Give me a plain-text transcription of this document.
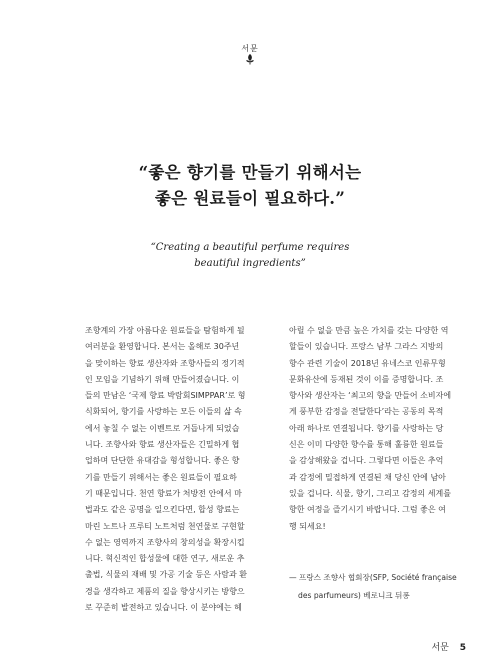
서문
“좋은 향기를 만들기 위해서는
좋은 원료들이 필요하다.”
“Creating a beautiful perfume requires
beautiful ingredients”
조향계의 가장 아름다운 원료들을 탐험하게 될
여러분을 환영합니다. 본서는 올해로 30주년
을 맞이하는 향료 생산자와 조향사들의 정기적
인 모임을 기념하기 위해 만들어졌습니다. 이
들의 만남은 ‘국제 향료 박람회SIMPPAR’로 형
식화되어, 향기를 사랑하는 모든 이들의 삶 속
에서 놓칠 수 없는 이벤트로 거듭나게 되었습
니다. 조향사와 향료 생산자들은 긴밀하게 협
업하며 단단한 유대감을 형성합니다. 좋은 향
기를 만들기 위해서는 좋은 원료들이 필요하
기 때문입니다. 천연 향료가 처방전 안에서 마
법과도 같은 공명을 일으킨다면, 합성 향료는
마린 노트나 프루티 노트처럼 천연물로 구현할
수 없는 영역까지 조향사의 창의성을 확장시킵
니다. 혁신적인 합성물에 대한 연구, 새로운 추
출법, 식물의 재배 및 가공 기술 등은 사람과 환
경을 생각하고 제품의 질을 향상시키는 방향으
로 꾸준히 발전하고 있습니다. 이 분야에는 헤
아릴 수 없을 만큼 높은 가치를 갖는 다양한 역
할들이 있습니다. 프랑스 남부 그라스 지방의
향수 관련 기술이 2018년 유네스코 인류무형
문화유산에 등재된 것이 이를 증명합니다. 조
향사와 생산자는 ‘최고의 향을 만들어 소비자에
게 풍부한 감정을 전달한다’라는 공동의 목적
아래 하나로 연결됩니다. 향기를 사랑하는 당
신은 이미 다양한 향수를 통해 훌륭한 원료들
을 감상해왔을 겁니다. 그렇다면 이들은 추억
과 감정에 밀접하게 연결된 채 당신 안에 남아
있을 겁니다. 식물, 향기, 그리고 감정의 세계를
향한 여정을 즐기시기 바랍니다. 그럼 좋은 여
행 되세요!
— 프랑스 조향사 협회장(SFP, Société française
des parfumeurs) 베로니크 뒤퐁
서문 5
